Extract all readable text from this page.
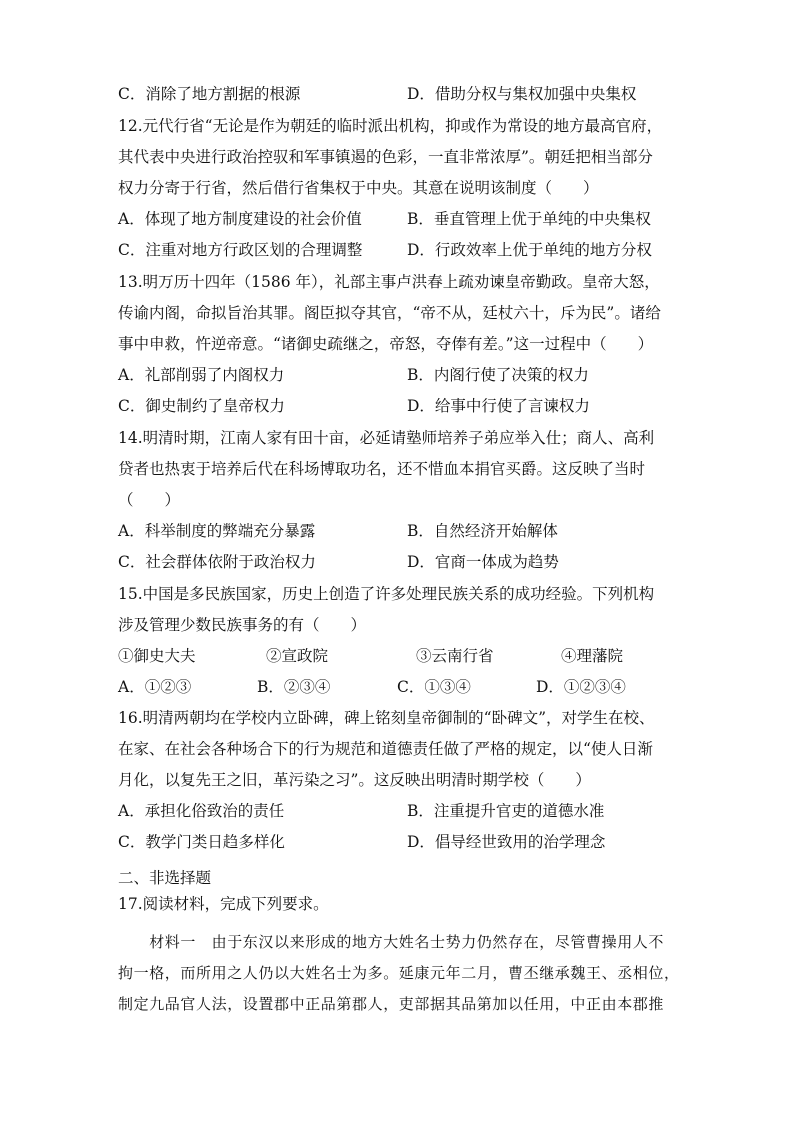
C．消除了地方割据的根源	D．借助分权与集权加强中央集权
12.元代行省“无论是作为朝廷的临时派出机构，抑或作为常设的地方最高官府，
其代表中央进行政治控驭和军事镇遏的色彩，一直非常浓厚”。朝廷把相当部分
权力分寄于行省，然后借行省集权于中央。其意在说明该制度（　　）
A．体现了地方制度建设的社会价值	B．垂直管理上优于单纯的中央集权
C．注重对地方行政区划的合理调整	D．行政效率上优于单纯的地方分权
13.明万历十四年（1586 年），礼部主事卢洪春上疏劝谏皇帝勤政。皇帝大怒，
传谕内阁，命拟旨治其罪。阁臣拟夺其官，“帝不从，廷杖六十，斥为民”。诸给
事中申救，忤逆帝意。“诸御史疏继之，帝怒，夺俸有差。”这一过程中（　　）
A．礼部削弱了内阁权力	B．内阁行使了决策的权力
C．御史制约了皇帝权力	D．给事中行使了言谏权力
14.明清时期，江南人家有田十亩，必延请塾师培养子弟应举入仕；商人、高利
贷者也热衷于培养后代在科场博取功名，还不惜血本捐官买爵。这反映了当时
（　　）
A．科举制度的弊端充分暴露	B．自然经济开始解体
C．社会群体依附于政治权力	D．官商一体成为趋势
15.中国是多民族国家，历史上创造了许多处理民族关系的成功经验。下列机构
涉及管理少数民族事务的有（　　）
①御史大夫	②宣政院	③云南行省	④理藩院
A．①②③	B．②③④	C．①③④	D．①②③④
16.明清两朝均在学校内立卧碑，碑上铭刻皇帝御制的“卧碑文”，对学生在校、
在家、在社会各种场合下的行为规范和道德责任做了严格的规定，以“使人日渐
月化，以复先王之旧，革污染之习”。这反映出明清时期学校（　　）
A．承担化俗致治的责任	B．注重提升官吏的道德水准
C．教学门类日趋多样化	D．倡导经世致用的治学理念
二、非选择题
17.阅读材料，完成下列要求。
　　材料一　由于东汉以来形成的地方大姓名士势力仍然存在，尽管曹操用人不
拘一格，而所用之人仍以大姓名士为多。延康元年二月，曹丕继承魏王、丞相位，
制定九品官人法，设置郡中正品第郡人，吏部据其品第加以任用，中正由本郡推
